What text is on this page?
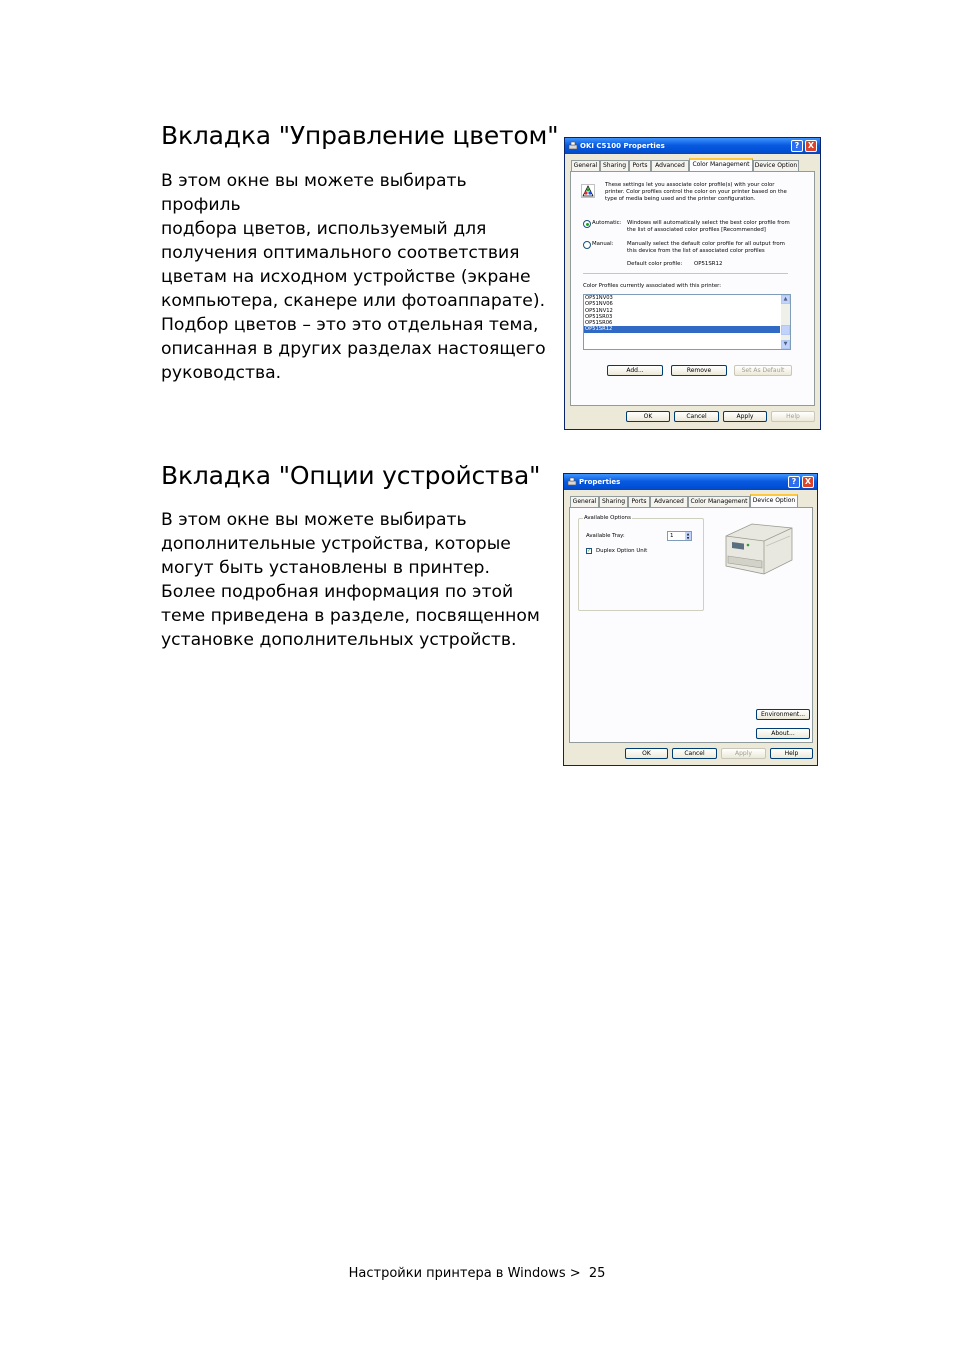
Вкладка "Управление цветом"

В этом окне вы можете выбирать профиль
подбора цветов, используемый для
получения оптимального соответствия
цветам на исходном устройстве (экране
компьютера, сканере или фотоаппарате).
Подбор цветов – это это отдельная тема,
описанная в других разделах настоящего
руководства.

OKI C5100 Properties	?	X
General Sharing	Ports	Advanced	Color Management Device Option
These settings let you associate color profile(s) with your color
printer. Color profiles control the color on your printer based on the
type of media being used and the printer configuration.
Automatic: Windows will automatically select the best color profile from
the list of associated color profiles [Recommended]
Manual:	Manually select the default color profile for all output from
this device from the list of associated color profiles
Default color profile: OP51SR12
Color Profiles currently associated with this printer:
OP51NV03
OP51NV06
OP51NV12
OP51SR03
OP51SR06
OP51SR12
▲
▼
Add...	Remove	Set As Default
OK	Cancel	Apply	Help
Вкладка "Опции устройства"

В этом окне вы можете выбирать
дополнительные устройства, которые
могут быть установлены в принтер.
Более подробная информация по этой
теме приведена в разделе, посвященном
установке дополнительных устройств.

Properties	?	X
General Sharing	Ports	Advanced	Color Management Device Option
Available Options
Available Tray:	1	▲
▼
✓ Duplex Option Unit
Environment...
About...
OK	Cancel	Apply	Help
Настройки принтера в Windows > 25
